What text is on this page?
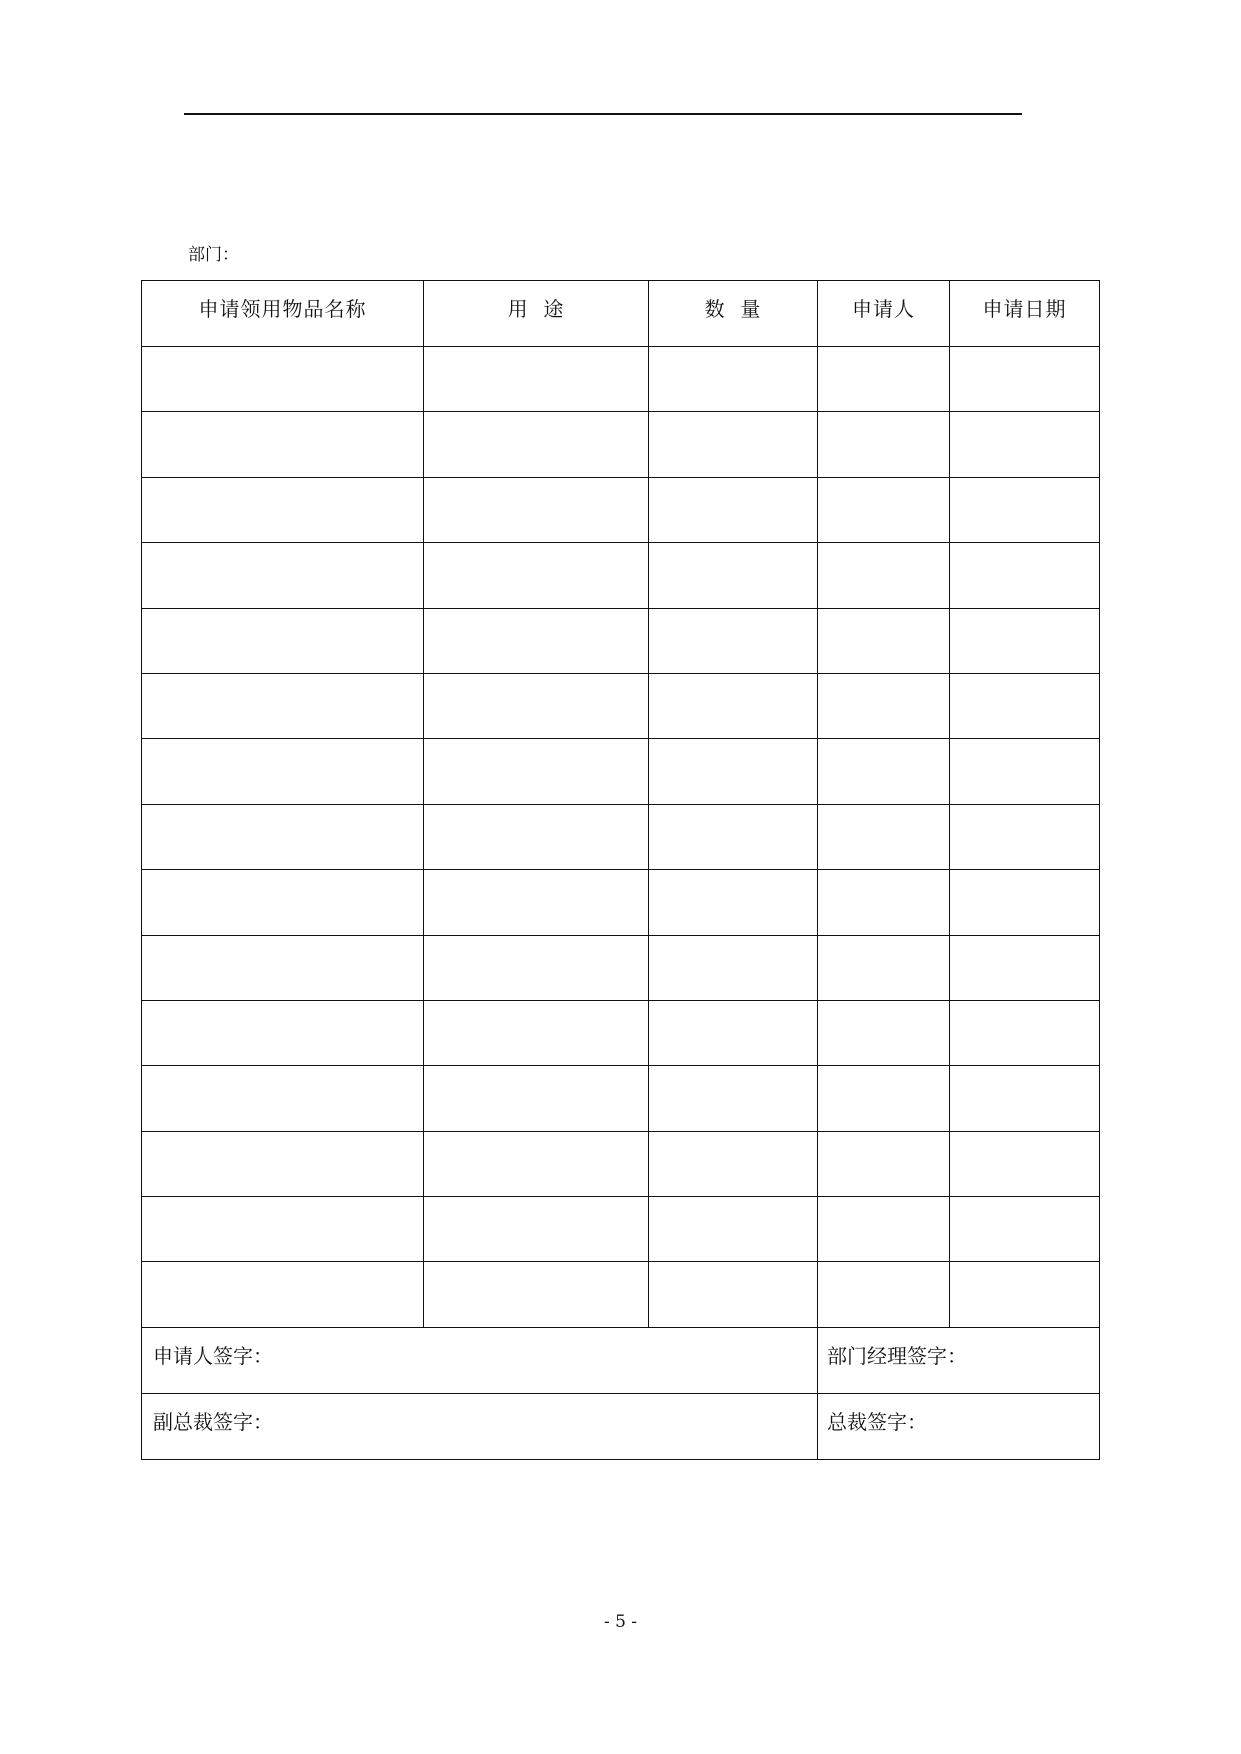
部门：
申请领用物品名称	用  途	数  量	申请人	申请日期

申请人签字：			部门经理签字：	
副总裁签字：			总裁签字：	
- 5 -
